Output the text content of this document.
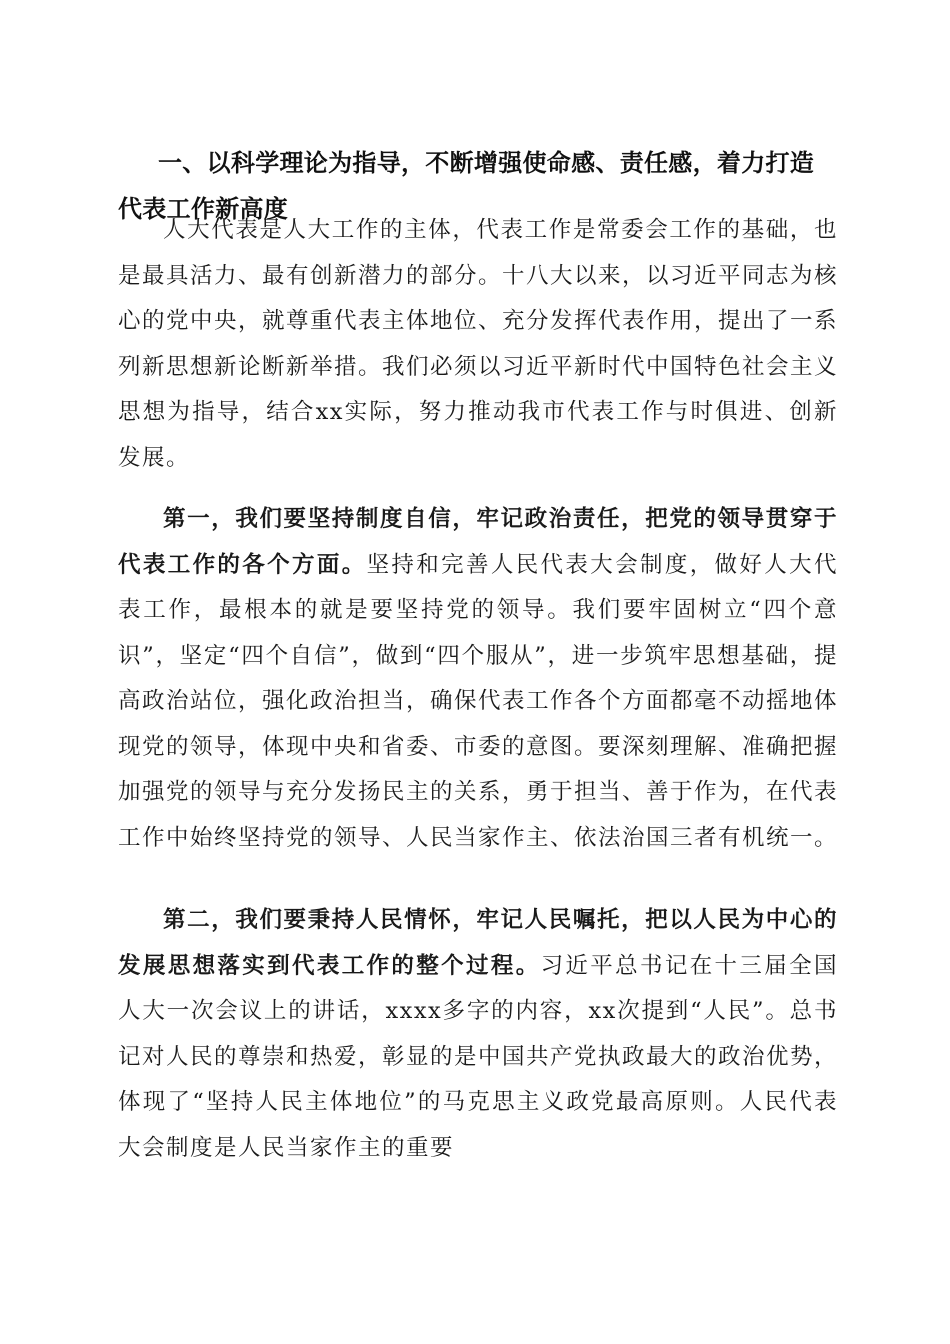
一、以科学理论为指导，不断增强使命感、责任感，着力打造代表工作新高度

人大代表是人大工作的主体，代表工作是常委会工作的基础，也是最具活力、最有创新潜力的部分。十八大以来，以习近平同志为核心的党中央，就尊重代表主体地位、充分发挥代表作用，提出了一系列新思想新论断新举措。我们必须以习近平新时代中国特色社会主义思想为指导，结合xx实际，努力推动我市代表工作与时俱进、创新发展。

第一，我们要坚持制度自信，牢记政治责任，把党的领导贯穿于代表工作的各个方面。坚持和完善人民代表大会制度，做好人大代表工作，最根本的就是要坚持党的领导。我们要牢固树立“四个意识”，坚定“四个自信”，做到“四个服从”，进一步筑牢思想基础，提高政治站位，强化政治担当，确保代表工作各个方面都毫不动摇地体现党的领导，体现中央和省委、市委的意图。要深刻理解、准确把握加强党的领导与充分发扬民主的关系，勇于担当、善于作为，在代表工作中始终坚持党的领导、人民当家作主、依法治国三者有机统一。

第二，我们要秉持人民情怀，牢记人民嘱托，把以人民为中心的发展思想落实到代表工作的整个过程。习近平总书记在十三届全国人大一次会议上的讲话，xxxx多字的内容，xx次提到“人民”。总书记对人民的尊崇和热爱，彰显的是中国共产党执政最大的政治优势，体现了“坚持人民主体地位”的马克思主义政党最高原则。人民代表大会制度是人民当家作主的重要
